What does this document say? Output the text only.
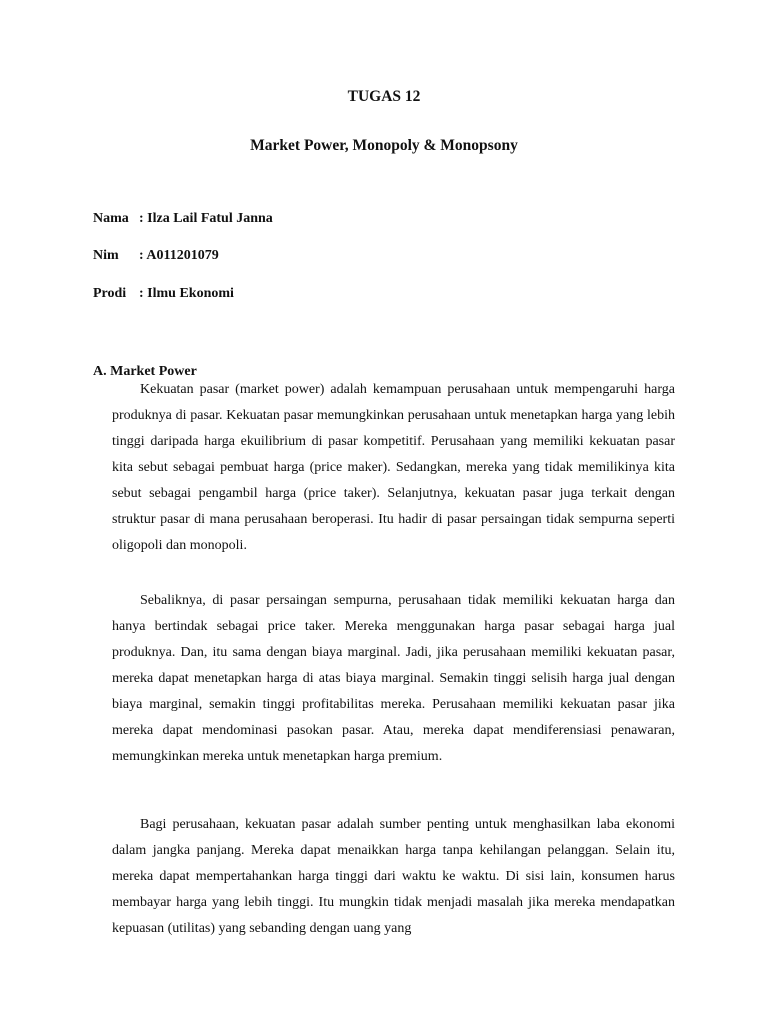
TUGAS 12
Market Power, Monopoly & Monopsony

Nama : Ilza Lail Fatul Janna

Nim : A011201079

Prodi : Ilmu Ekonomi

A. Market Power

Kekuatan pasar (market power) adalah kemampuan perusahaan untuk mempengaruhi harga produknya di pasar. Kekuatan pasar memungkinkan perusahaan untuk menetapkan harga yang lebih tinggi daripada harga ekuilibrium di pasar kompetitif. Perusahaan yang memiliki kekuatan pasar kita sebut sebagai pembuat harga (price maker). Sedangkan, mereka yang tidak memilikinya kita sebut sebagai pengambil harga (price taker). Selanjutnya, kekuatan pasar juga terkait dengan struktur pasar di mana perusahaan beroperasi. Itu hadir di pasar persaingan tidak sempurna seperti oligopoli dan monopoli.

Sebaliknya, di pasar persaingan sempurna, perusahaan tidak memiliki kekuatan harga dan hanya bertindak sebagai price taker. Mereka menggunakan harga pasar sebagai harga jual produknya. Dan, itu sama dengan biaya marginal. Jadi, jika perusahaan memiliki kekuatan pasar, mereka dapat menetapkan harga di atas biaya marginal. Semakin tinggi selisih harga jual dengan biaya marginal, semakin tinggi profitabilitas mereka. Perusahaan memiliki kekuatan pasar jika mereka dapat mendominasi pasokan pasar. Atau, mereka dapat mendiferensiasi penawaran, memungkinkan mereka untuk menetapkan harga premium.

Bagi perusahaan, kekuatan pasar adalah sumber penting untuk menghasilkan laba ekonomi dalam jangka panjang. Mereka dapat menaikkan harga tanpa kehilangan pelanggan. Selain itu, mereka dapat mempertahankan harga tinggi dari waktu ke waktu. Di sisi lain, konsumen harus membayar harga yang lebih tinggi. Itu mungkin tidak menjadi masalah jika mereka mendapatkan kepuasan (utilitas) yang sebanding dengan uang yang
